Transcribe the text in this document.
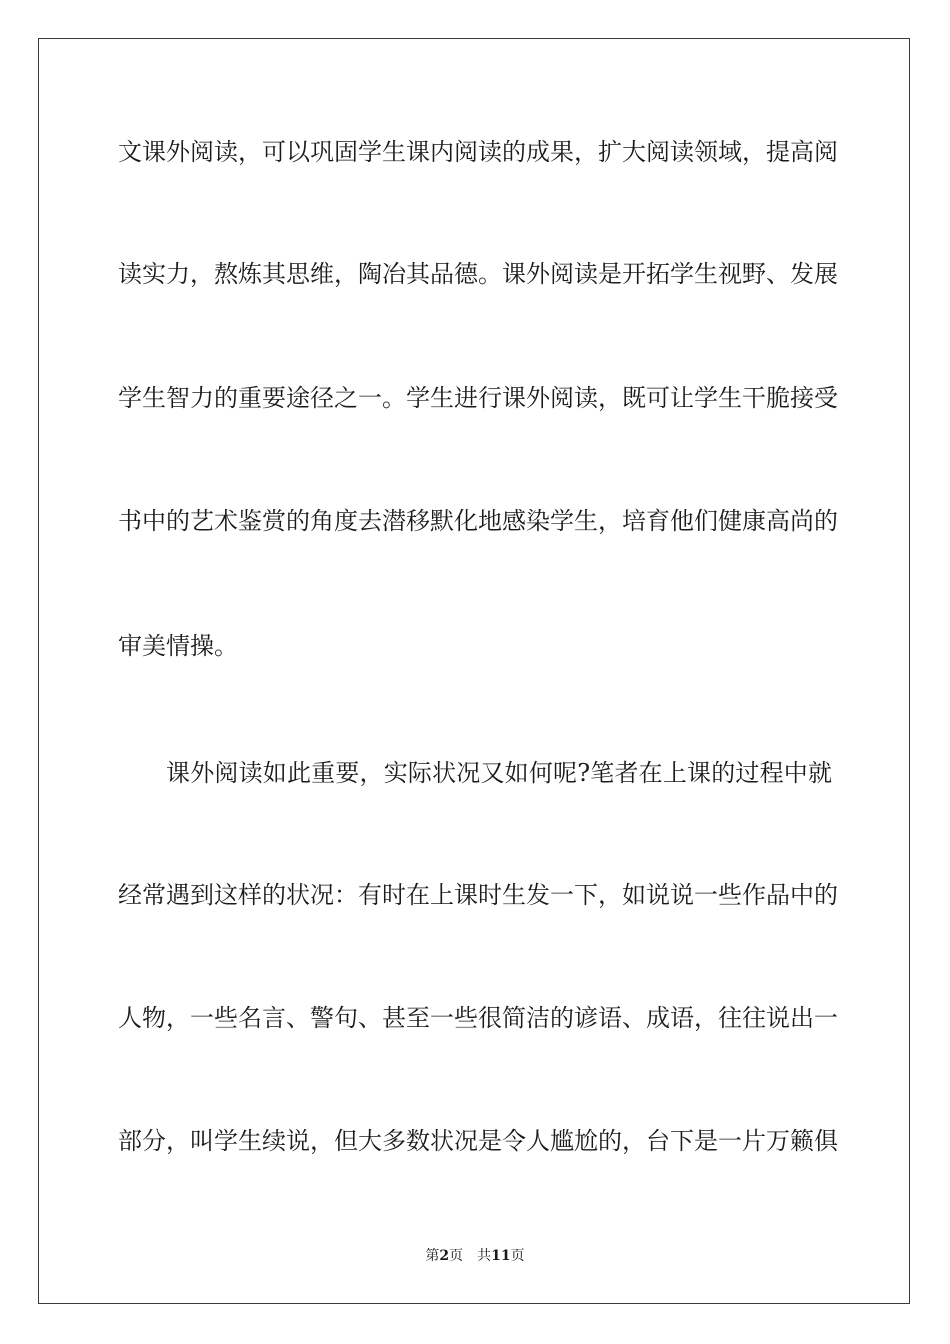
文课外阅读，可以巩固学生课内阅读的成果，扩大阅读领域，提高阅
读实力，熬炼其思维，陶冶其品德。课外阅读是开拓学生视野、发展
学生智力的重要途径之一。学生进行课外阅读，既可让学生干脆接受
书中的艺术鉴赏的角度去潜移默化地感染学生，培育他们健康高尚的
审美情操。
课外阅读如此重要，实际状况又如何呢?笔者在上课的过程中就
经常遇到这样的状况：有时在上课时生发一下，如说说一些作品中的
人物，一些名言、警句、甚至一些很简洁的谚语、成语，往往说出一
部分，叫学生续说，但大多数状况是令人尴尬的，台下是一片万籁俱
第2页 共11页
